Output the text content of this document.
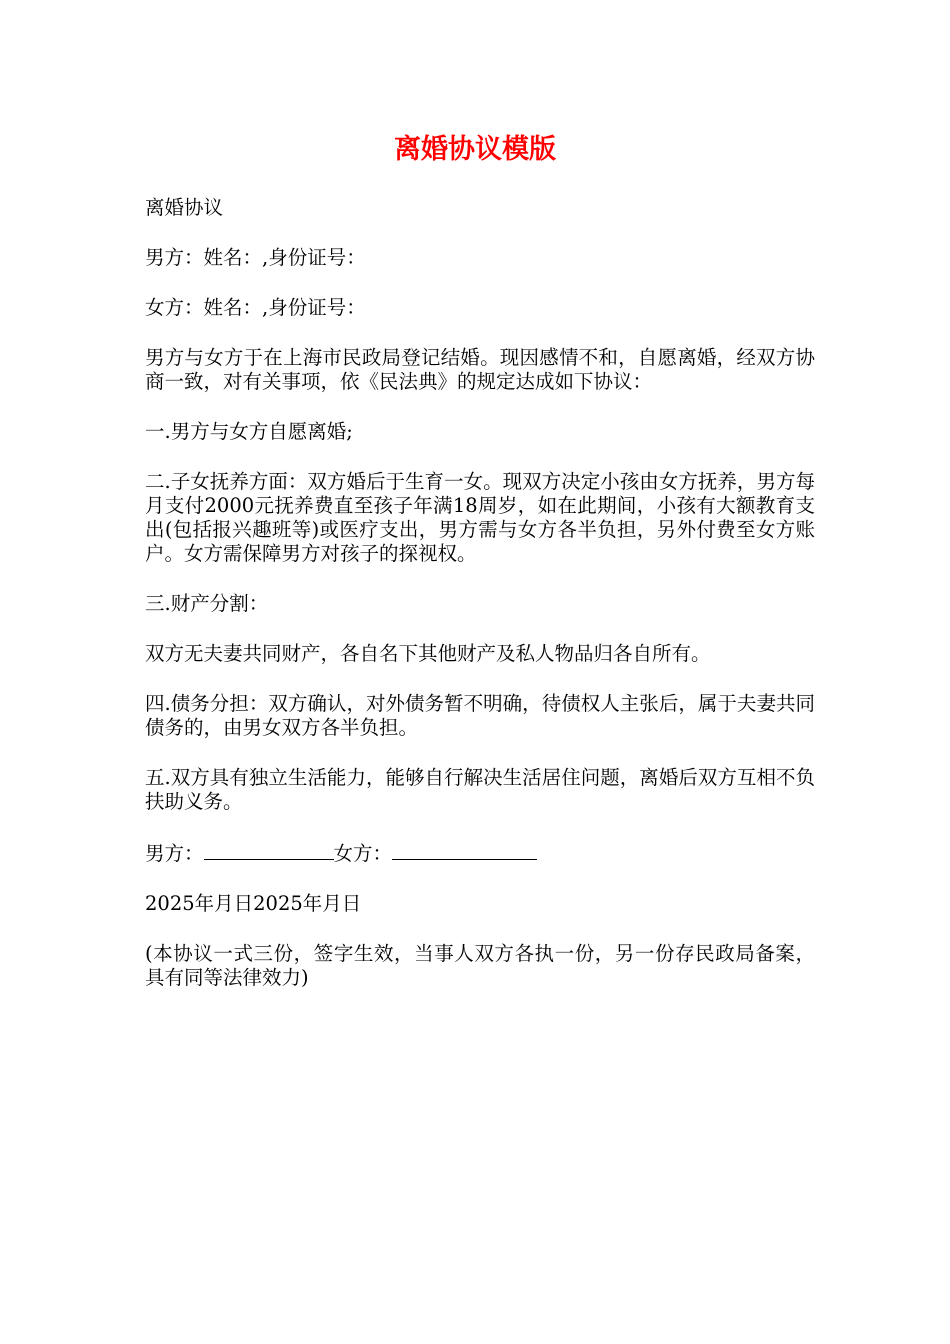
离婚协议模版

离婚协议

男方：姓名：,身份证号：

女方：姓名：,身份证号：

男方与女方于在上海市民政局登记结婚。现因感情不和，自愿离婚，经双方协商一致，对有关事项，依《民法典》的规定达成如下协议：

一.男方与女方自愿离婚;

二.子女抚养方面：双方婚后于生育一女。现双方决定小孩由女方抚养，男方每月支付2000元抚养费直至孩子年满18周岁，如在此期间，小孩有大额教育支出(包括报兴趣班等)或医疗支出，男方需与女方各半负担，另外付费至女方账户。女方需保障男方对孩子的探视权。

三.财产分割：

双方无夫妻共同财产，各自名下其他财产及私人物品归各自所有。

四.债务分担：双方确认，对外债务暂不明确，待债权人主张后，属于夫妻共同债务的，由男女双方各半负担。

五.双方具有独立生活能力，能够自行解决生活居住问题，离婚后双方互相不负扶助义务。

男方：	女方：

2025年月日2025年月日

(本协议一式三份，签字生效，当事人双方各执一份，另一份存民政局备案，具有同等法律效力)
